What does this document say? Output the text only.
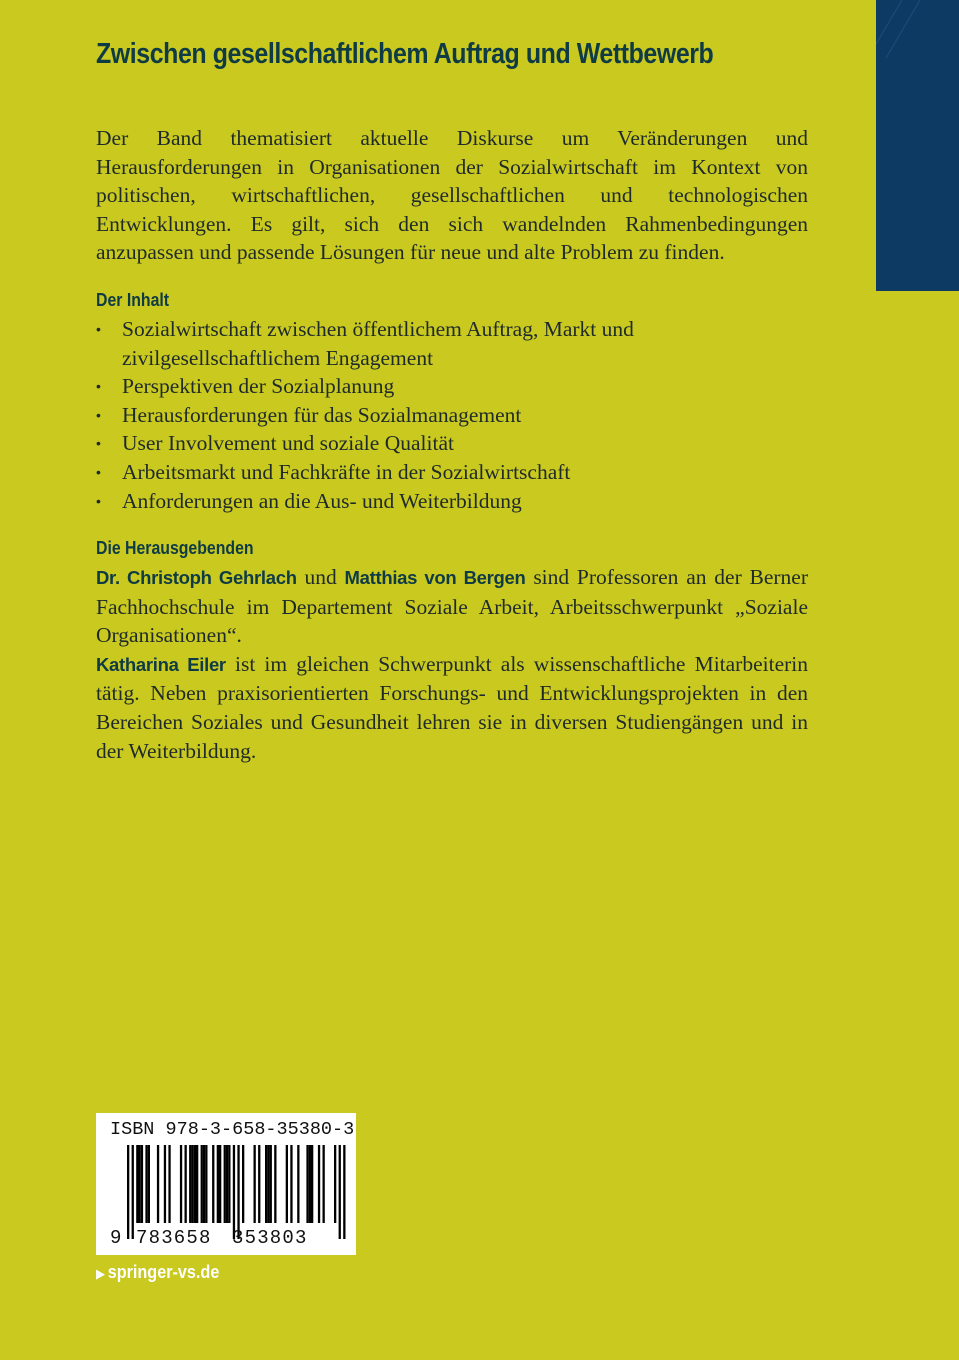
Zwischen gesellschaftlichem Auftrag und Wettbewerb

Der Band thematisiert aktuelle Diskurse um Veränderungen und Herausforderungen in Organisationen der Sozialwirtschaft im Kontext von politischen, wirtschaftlichen, gesellschaftlichen und technologischen Entwicklungen. Es gilt, sich den sich wandelnden Rahmenbedingungen anzupassen und passende Lösungen für neue und alte Problem zu finden.

Der Inhalt
• Sozialwirtschaft zwischen öffentlichem Auftrag, Markt und zivilgesellschaftlichem Engagement
• Perspektiven der Sozialplanung
• Herausforderungen für das Sozialmanagement
• User Involvement und soziale Qualität
• Arbeitsmarkt und Fachkräfte in der Sozialwirtschaft
• Anforderungen an die Aus- und Weiterbildung
Die Herausgebenden

Dr. Christoph Gehrlach und Matthias von Bergen sind Professoren an der Berner Fachhochschule im Departement Soziale Arbeit, Arbeitsschwerpunkt „Soziale Organisationen“.
Katharina Eiler ist im gleichen Schwerpunkt als wissenschaftliche Mitarbeiterin tätig. Neben praxisorientierten Forschungs- und Entwicklungsprojekten in den Bereichen Soziales und Gesundheit lehren sie in diversen Studiengängen und in der Weiterbildung.

ISBN 978-3-658-35380-3
9 783658 353803
▶ springer-vs.de
